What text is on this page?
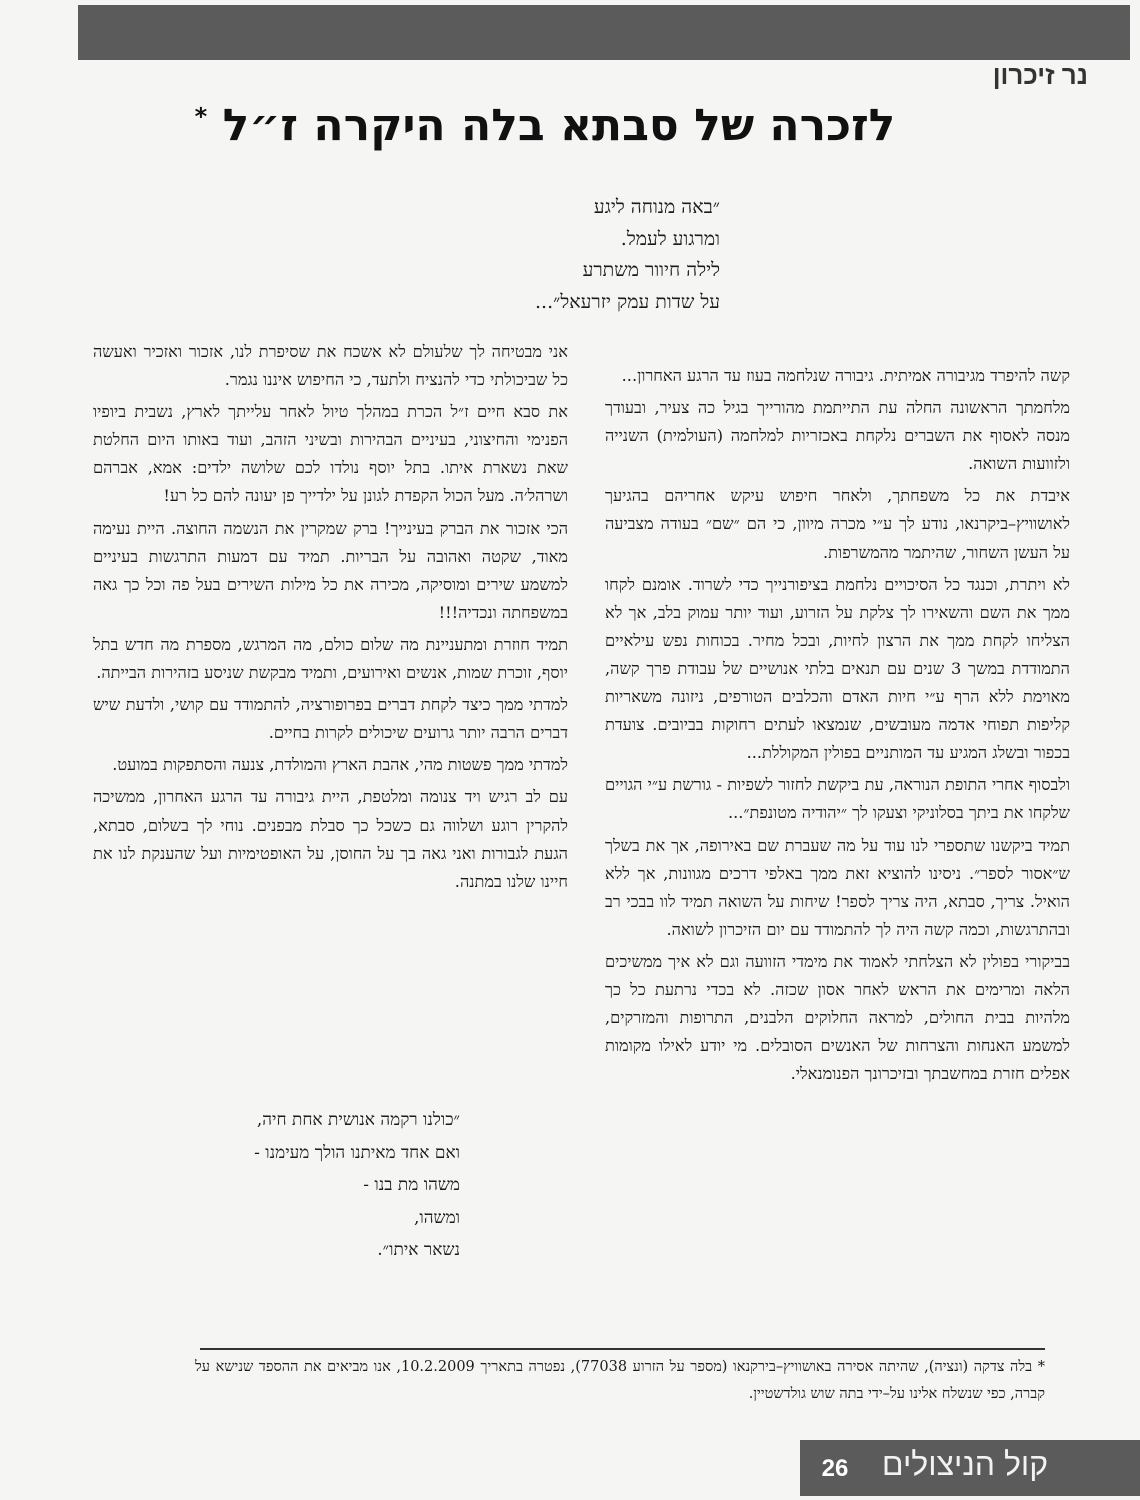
נר זיכרון
לזכרה של סבתא בלה היקרה ז״ל *
״באה מנוחה ליגע
ומרגוע לעמל.
לילה חיוור משתרע
על שדות עמק יזרעאל״...

קשה להיפרד מגיבורה אמיתית. גיבורה שנלחמה בעוז עד הרגע האחרון...

מלחמתך הראשונה החלה עת התייתמת מהורייך בגיל כה צעיר, ובעודך מנסה לאסוף את השברים נלקחת באכזריות למלחמה (העולמית) השנייה ולזוועות השואה.

איבדת את כל משפחתך, ולאחר חיפוש עיקש אחריהם בהגיעך לאושוויץ–ביקרנאו, נודע לך ע״י מכרה מיוון, כי הם ״שם״ בעודה מצביעה על העשן השחור, שהיתמר מהמשרפות.

לא ויתרת, וכנגד כל הסיכויים נלחמת בציפורנייך כדי לשרוד. אומנם לקחו ממך את השם והשאירו לך צלקת על הזרוע, ועוד יותר עמוק בלב, אך לא הצליחו לקחת ממך את הרצון לחיות, ובכל מחיר. בכוחות נפש עילאיים התמודדת במשך 3 שנים עם תנאים בלתי אנושיים של עבודת פרך קשה, מאוימת ללא הרף ע״י חיות האדם והכלבים הטורפים, ניזונה משאריות קליפות תפוחי אדמה מעובשים, שנמצאו לעתים רחוקות בביובים. צועדת בכפור ובשלג המגיע עד המותניים בפולין המקוללת...

ולבסוף אחרי התופת הנוראה, עת ביקשת לחזור לשפיות - גורשת ע״י הגויים שלקחו את ביתך בסלוניקי וצעקו לך ״יהודיה מטונפת״...

תמיד ביקשנו שתספרי לנו עוד על מה שעברת שם באירופה, אך את בשלך ש״אסור לספר״. ניסינו להוציא זאת ממך באלפי דרכים מגוונות, אך ללא הואיל. צריך, סבתא, היה צריך לספר! שיחות על השואה תמיד לוו בבכי רב ובהתרגשות, וכמה קשה היה לך להתמודד עם יום הזיכרון לשואה.

בביקורי בפולין לא הצלחתי לאמוד את מימדי הזוועה וגם לא איך ממשיכים הלאה ומרימים את הראש לאחר אסון שכזה. לא בכדי נרתעת כל כך מלהיות בבית החולים, למראה החלוקים הלבנים, התרופות והמזרקים, למשמע האנחות והצרחות של האנשים הסובלים. מי יודע לאילו מקומות אפלים חזרת במחשבתך ובזיכרונך הפנומנאלי.

אני מבטיחה לך שלעולם לא אשכח את שסיפרת לנו, אזכור ואזכיר ואעשה כל שביכולתי כדי להנציח ולתעד, כי החיפוש איננו נגמר.

את סבא חיים ז״ל הכרת במהלך טיול לאחר עלייתך לארץ, נשבית ביופיו הפנימי והחיצוני, בעיניים הבהירות ובשיני הזהב, ועוד באותו היום החלטת שאת נשארת איתו. בתל יוסף נולדו לכם שלושה ילדים: אמא, אברהם ושרהל׳ה. מעל הכול הקפדת לגונן על ילדייך פן יעונה להם כל רע!

הכי אזכור את הברק בעינייך! ברק שמקרין את הנשמה החוצה. היית נעימה מאוד, שקטה ואהובה על הבריות. תמיד עם דמעות התרגשות בעיניים למשמע שירים ומוסיקה, מכירה את כל מילות השירים בעל פה וכל כך גאה במשפחתה ונכדיה!!!

תמיד חוזרת ומתעניינת מה שלום כולם, מה המרגש, מספרת מה חדש בתל יוסף, זוכרת שמות, אנשים ואירועים, ותמיד מבקשת שניסע בזהירות הבייתה.

למדתי ממך כיצד לקחת דברים בפרופורציה, להתמודד עם קושי, ולדעת שיש דברים הרבה יותר גרועים שיכולים לקרות בחיים.

למדתי ממך פשטות מהי, אהבת הארץ והמולדת, צנעה והסתפקות במועט.

עם לב רגיש ויד צנומה ומלטפת, היית גיבורה עד הרגע האחרון, ממשיכה להקרין רוגע ושלווה גם כשכל כך סבלת מבפנים. נוחי לך בשלום, סבתא, הגעת לגבורות ואני גאה בך על החוסן, על האופטימיות ועל שהענקת לנו את חיינו שלנו במתנה.

״כולנו רקמה אנושית אחת חיה,
ואם אחד מאיתנו הולך מעימנו -
משהו מת בנו -
ומשהו,
נשאר איתו״.
* בלה צדקה (ונציה), שהיתה אסירה באושוויץ–בירקנאו (מספר על הזרוע 77038), נפטרה בתאריך 10.2.2009, אנו מביאים את ההספד שנישא על קברה, כפי שנשלח אלינו על–ידי בתה שוש גולדשטיין.
26	קול הניצולים
